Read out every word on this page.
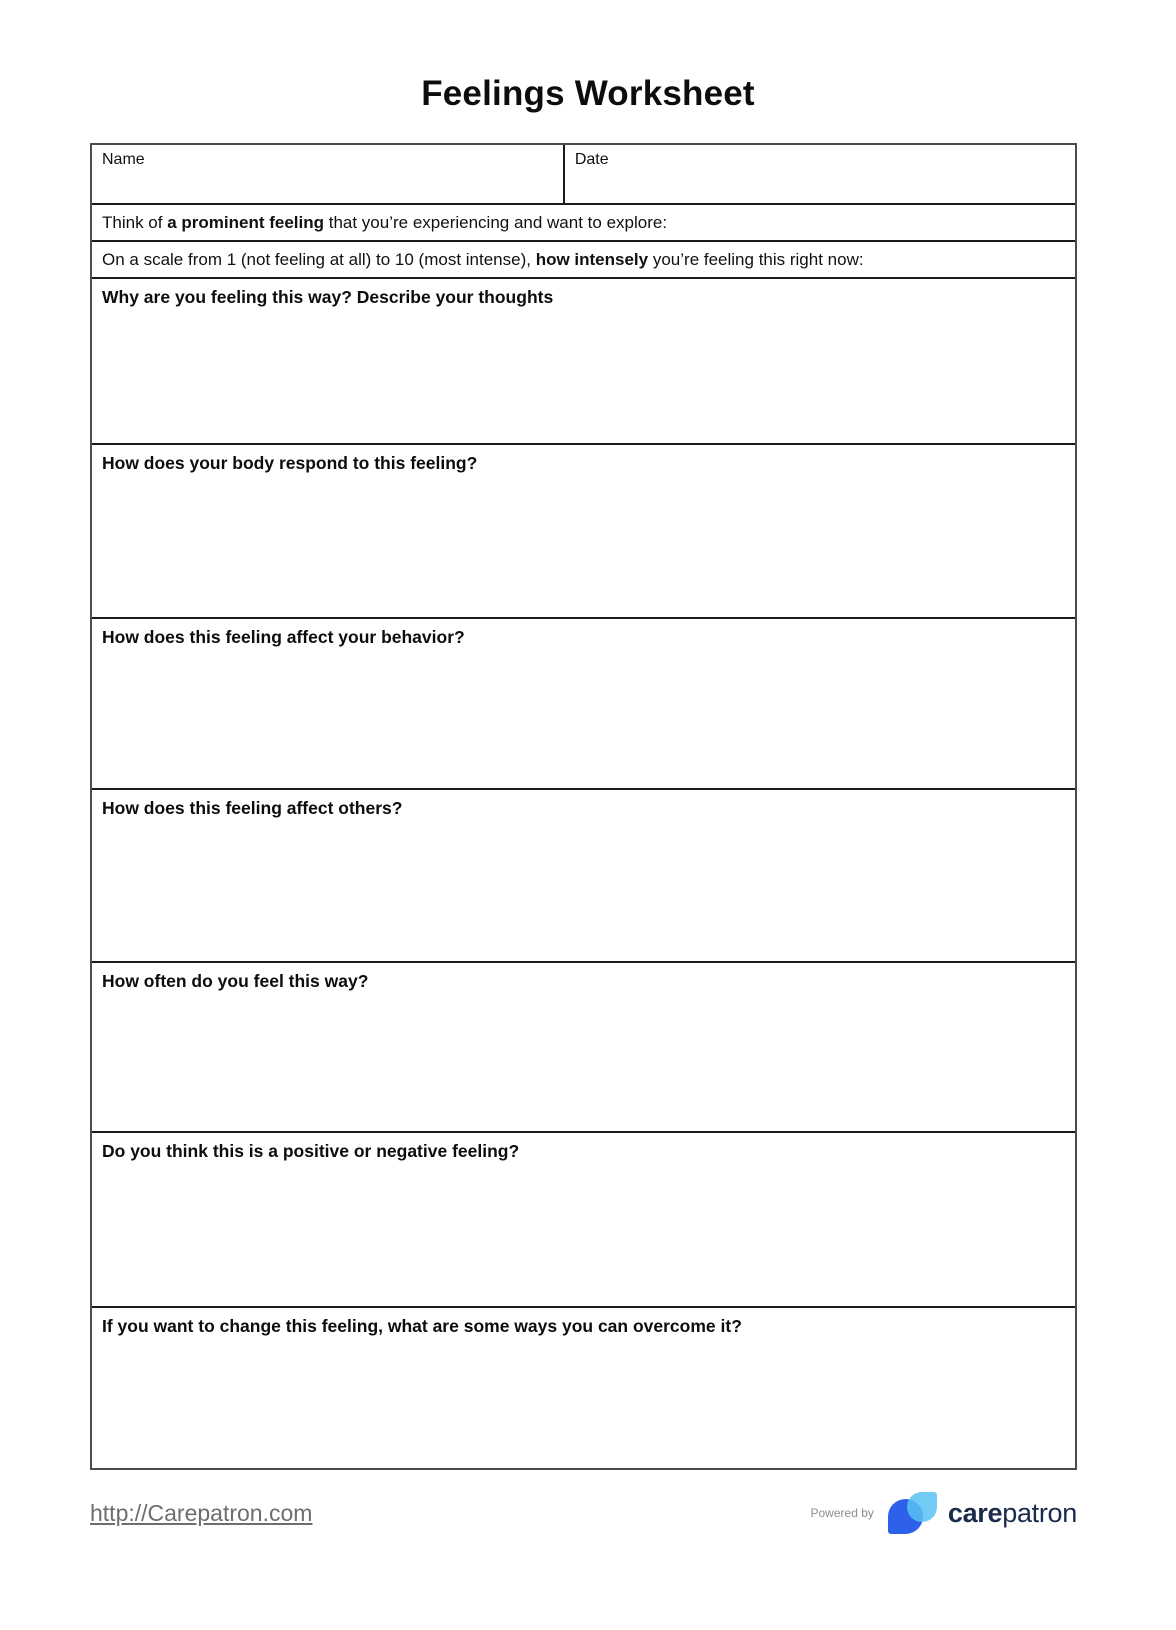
Feelings Worksheet
Name	Date
Think of a prominent feeling that you’re experiencing and want to explore:
On a scale from 1 (not feeling at all) to 10 (most intense), how intensely you’re feeling this right now:
Why are you feeling this way? Describe your thoughts
How does your body respond to this feeling?
How does this feeling affect your behavior?
How does this feeling affect others?
How often do you feel this way?
Do you think this is a positive or negative feeling?
If you want to change this feeling, what are some ways you can overcome it?
http://Carepatron.com	Powered by	carepatron
